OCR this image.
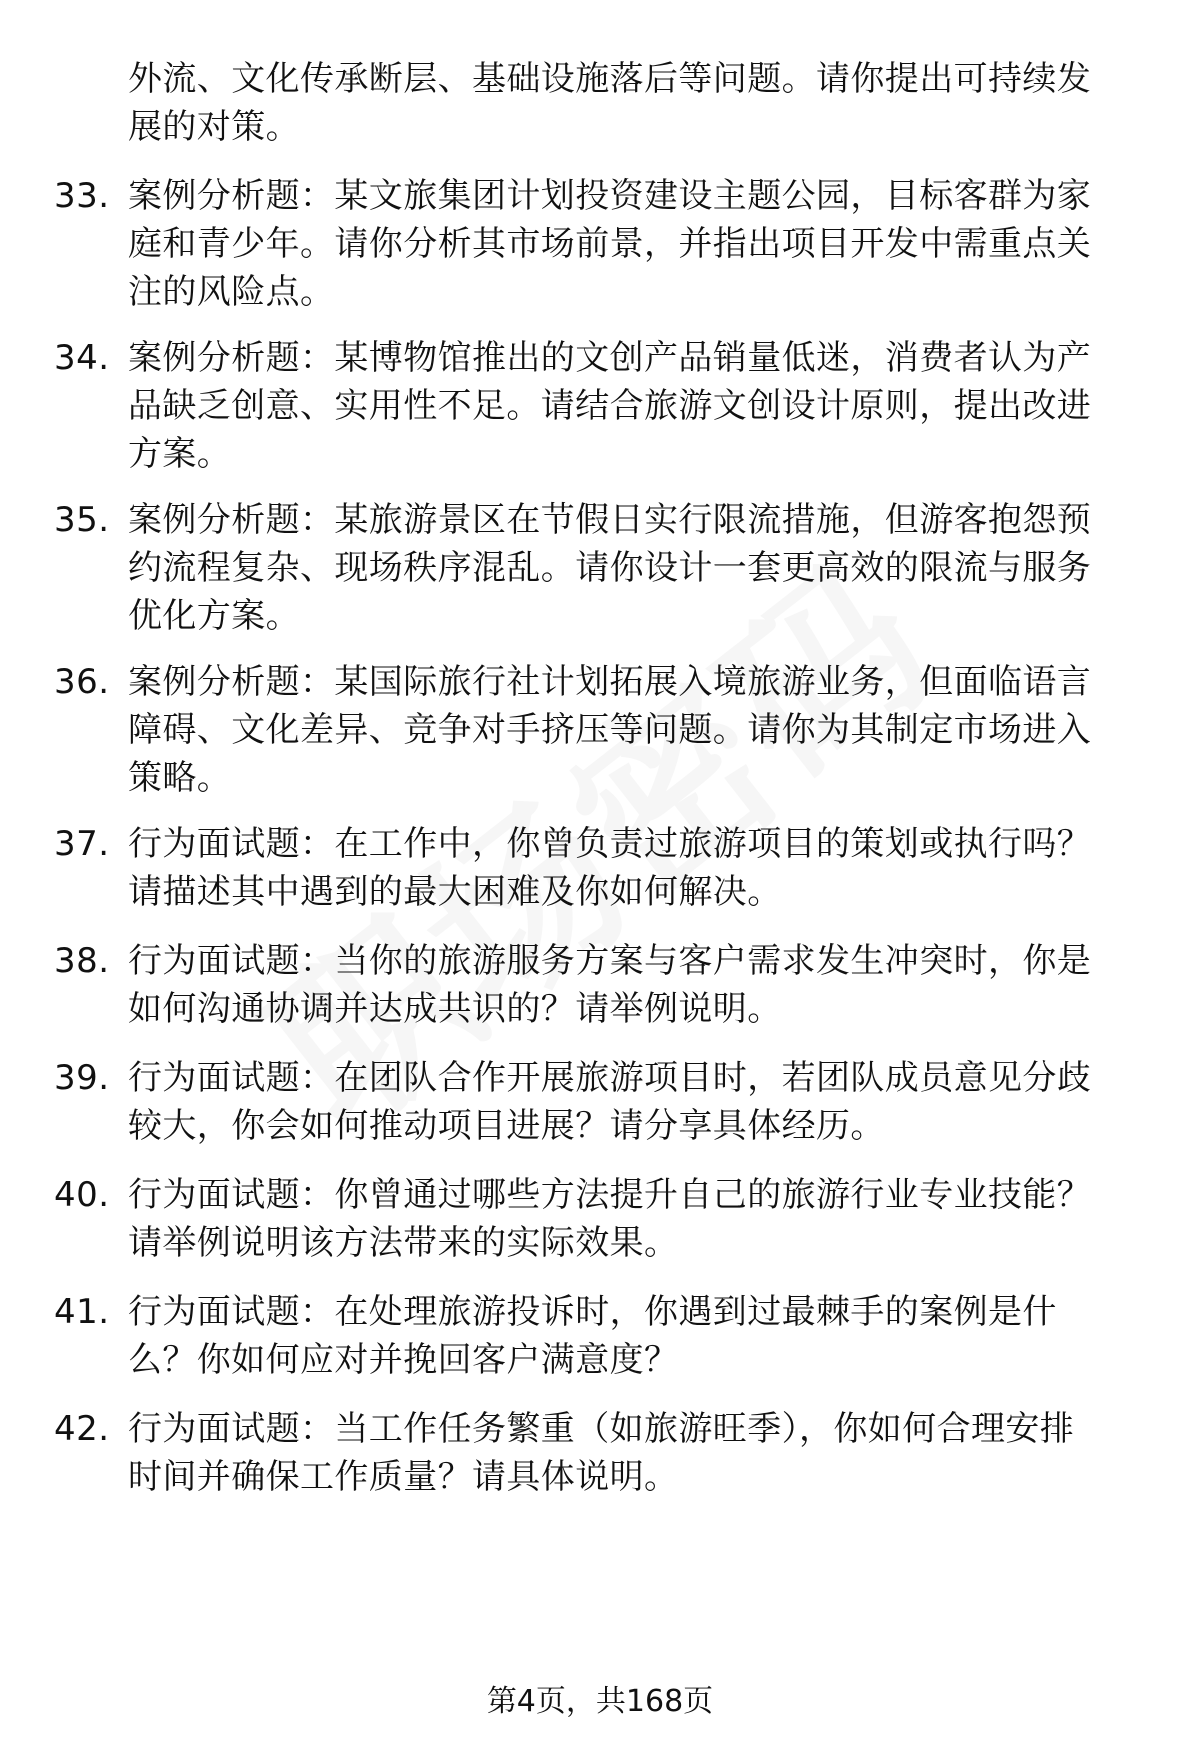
外流、文化传承断层、基础设施落后等问题。请你提出可持续发
展的对策。
33. 案例分析题：某文旅集团计划投资建设主题公园，目标客群为家
庭和青少年。请你分析其市场前景，并指出项目开发中需重点关
注的风险点。
34. 案例分析题：某博物馆推出的文创产品销量低迷，消费者认为产
品缺乏创意、实用性不足。请结合旅游文创设计原则，提出改进
方案。
35. 案例分析题：某旅游景区在节假日实行限流措施，但游客抱怨预
约流程复杂、现场秩序混乱。请你设计一套更高效的限流与服务
优化方案。
36. 案例分析题：某国际旅行社计划拓展入境旅游业务，但面临语言
障碍、文化差异、竞争对手挤压等问题。请你为其制定市场进入
策略。
37. 行为面试题：在工作中，你曾负责过旅游项目的策划或执行吗？
请描述其中遇到的最大困难及你如何解决。
38. 行为面试题：当你的旅游服务方案与客户需求发生冲突时，你是
如何沟通协调并达成共识的？请举例说明。
39. 行为面试题：在团队合作开展旅游项目时，若团队成员意见分歧
较大，你会如何推动项目进展？请分享具体经历。
40. 行为面试题：你曾通过哪些方法提升自己的旅游行业专业技能？
请举例说明该方法带来的实际效果。
41. 行为面试题：在处理旅游投诉时，你遇到过最棘手的案例是什
么？你如何应对并挽回客户满意度？
42. 行为面试题：当工作任务繁重（如旅游旺季），你如何合理安排
时间并确保工作质量？请具体说明。
第4页，共168页
